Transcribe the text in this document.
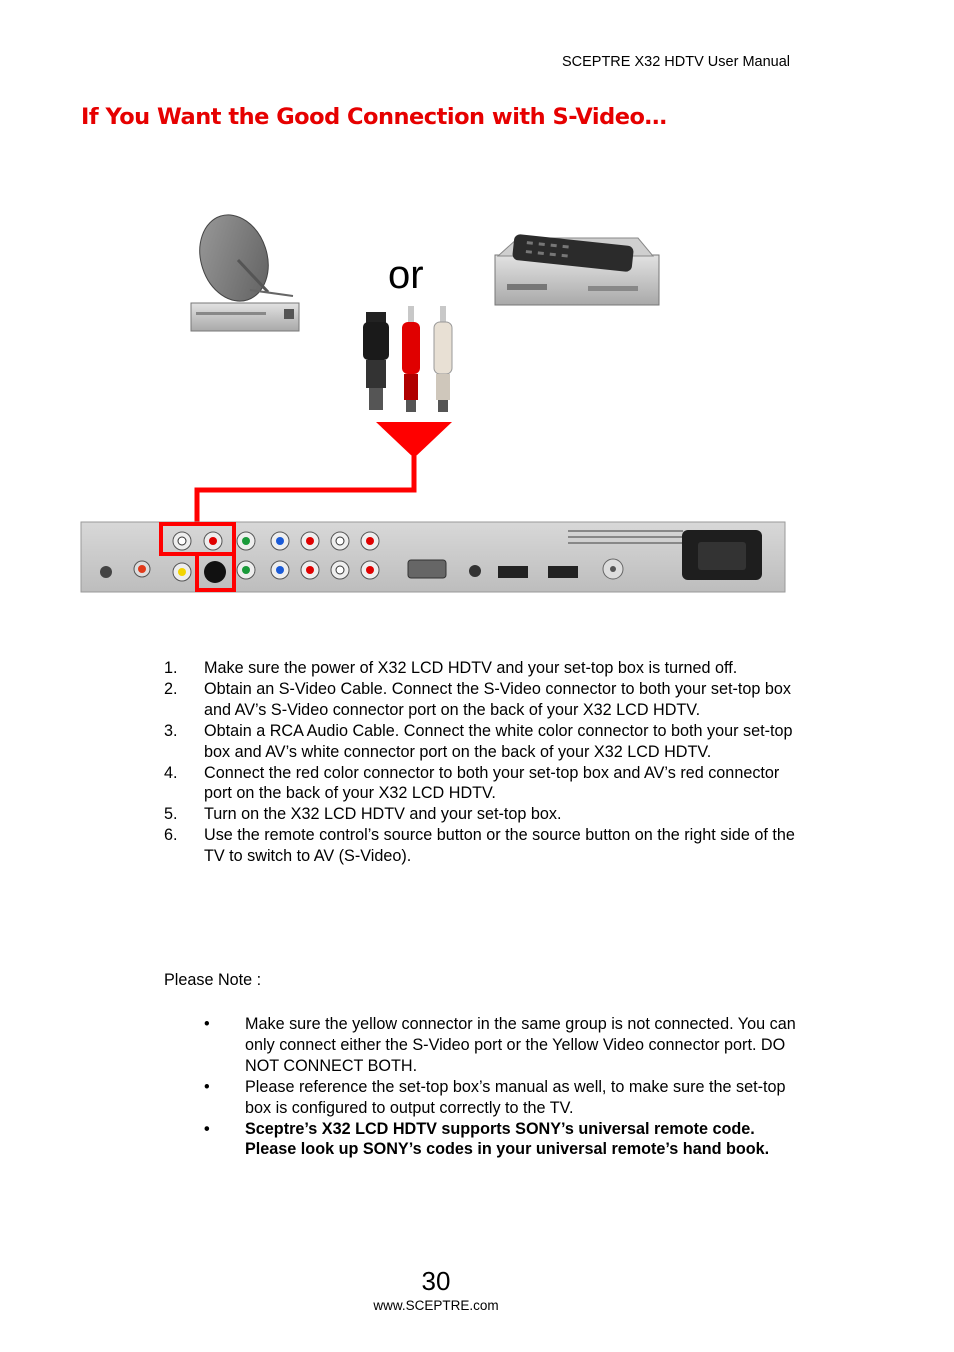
SCEPTRE X32 HDTV User Manual
If You Want the Good Connection with S-Video…
or
1. Make sure the power of X32 LCD HDTV and your set-top box is turned off.
2. Obtain an S-Video Cable. Connect the S-Video connector to both your set-top box and AV’s S-Video connector port on the back of your X32 LCD HDTV.
3. Obtain a RCA Audio Cable. Connect the white color connector to both your set-top box and AV’s white connector port on the back of your X32 LCD HDTV.
4. Connect the red color connector to both your set-top box and AV’s red connector port on the back of your X32 LCD HDTV.
5. Turn on the X32 LCD HDTV and your set-top box.
6. Use the remote control’s source button or the source button on the right side of the TV to switch to AV (S-Video).
Please Note :
• Make sure the yellow connector in the same group is not connected. You can only connect either the S-Video port or the Yellow Video connector port. DO NOT CONNECT BOTH.
• Please reference the set-top box’s manual as well, to make sure the set-top box is configured to output correctly to the TV.
• Sceptre’s X32 LCD HDTV supports SONY’s universal remote code. Please look up SONY’s codes in your universal remote’s hand book.
30
www.SCEPTRE.com
